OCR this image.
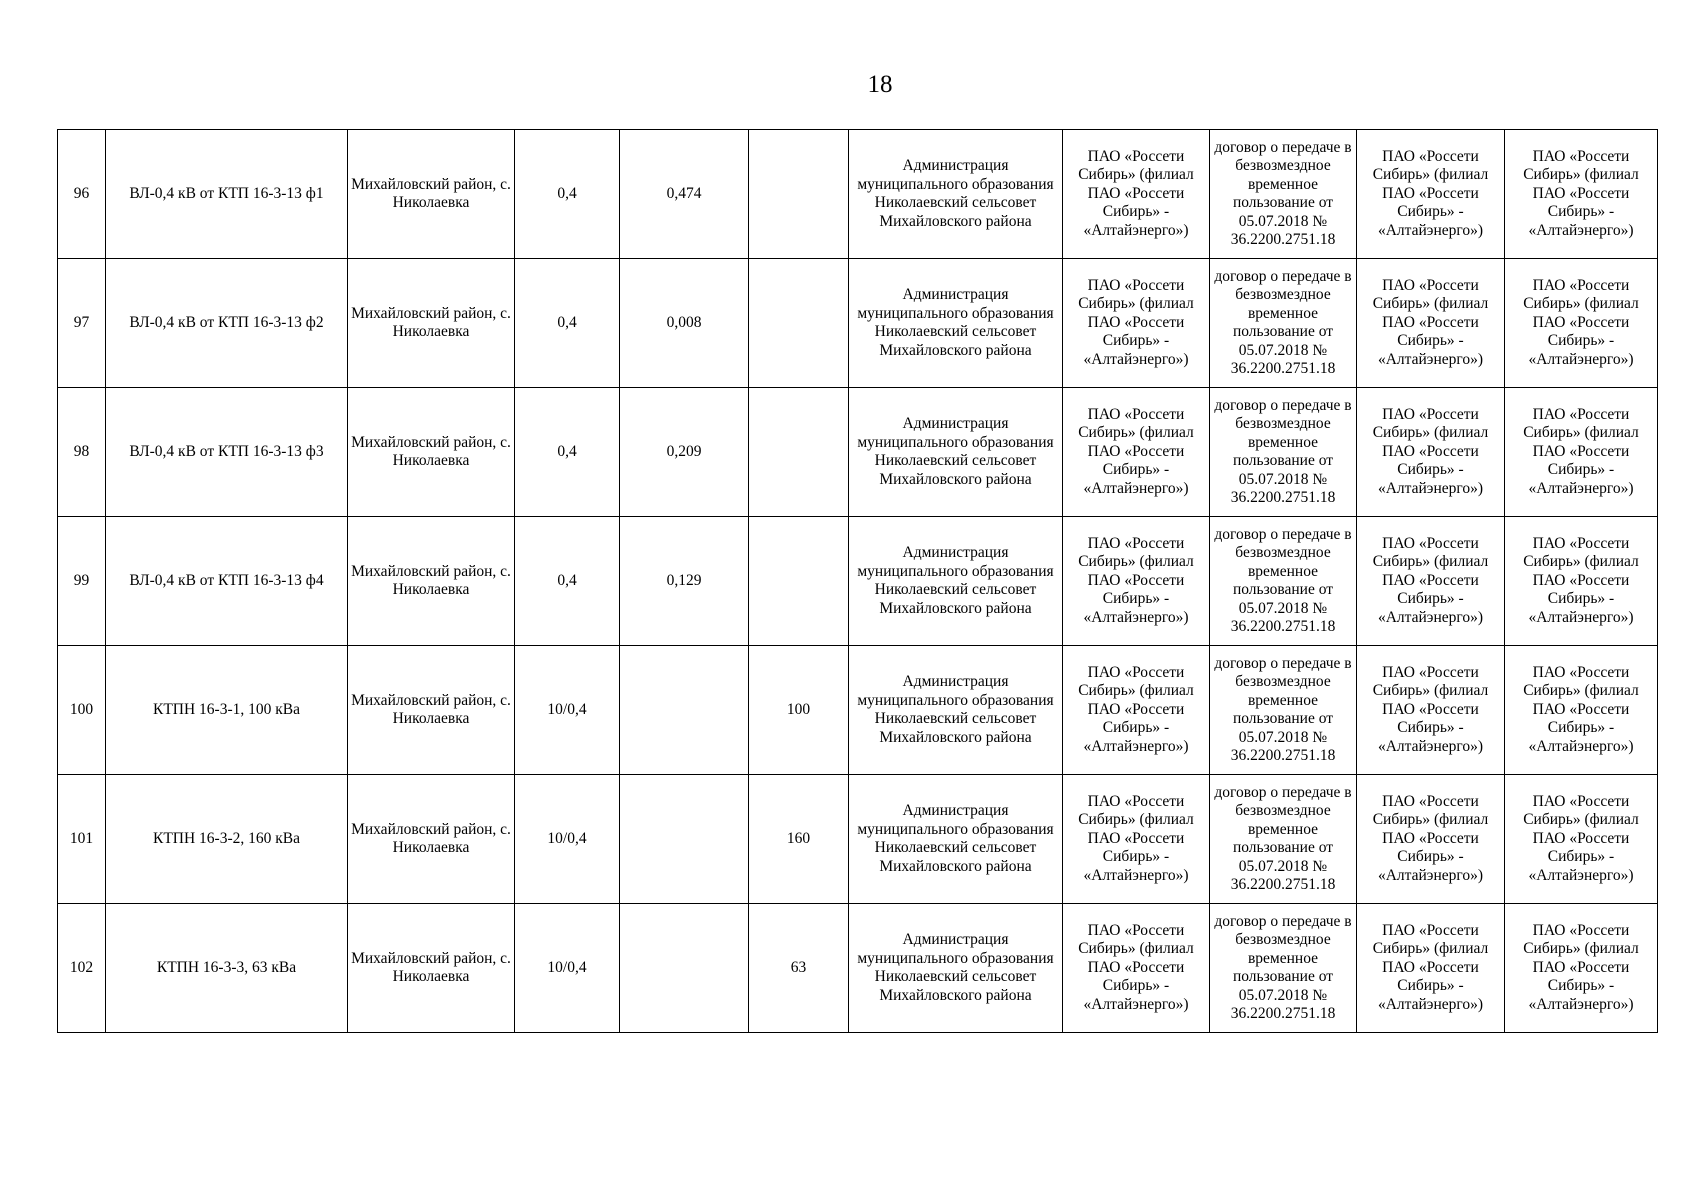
18
96	ВЛ-0,4 кВ от КТП 16-3-13 ф1	Михайловский район, с. Николаевка	0,4	0,474		Администрация муниципального образования Николаевский сельсовет Михайловского района	ПАО «Россети Сибирь» (филиал ПАО «Россети Сибирь» - «Алтайэнерго»)	договор о передаче в безвозмездное временное пользование от 05.07.2018 № 36.2200.2751.18	ПАО «Россети Сибирь» (филиал ПАО «Россети Сибирь» - «Алтайэнерго»)	ПАО «Россети Сибирь» (филиал ПАО «Россети Сибирь» - «Алтайэнерго»)
97	ВЛ-0,4 кВ от КТП 16-3-13 ф2	Михайловский район, с. Николаевка	0,4	0,008		Администрация муниципального образования Николаевский сельсовет Михайловского района	ПАО «Россети Сибирь» (филиал ПАО «Россети Сибирь» - «Алтайэнерго»)	договор о передаче в безвозмездное временное пользование от 05.07.2018 № 36.2200.2751.18	ПАО «Россети Сибирь» (филиал ПАО «Россети Сибирь» - «Алтайэнерго»)	ПАО «Россети Сибирь» (филиал ПАО «Россети Сибирь» - «Алтайэнерго»)
98	ВЛ-0,4 кВ от КТП 16-3-13 ф3	Михайловский район, с. Николаевка	0,4	0,209		Администрация муниципального образования Николаевский сельсовет Михайловского района	ПАО «Россети Сибирь» (филиал ПАО «Россети Сибирь» - «Алтайэнерго»)	договор о передаче в безвозмездное временное пользование от 05.07.2018 № 36.2200.2751.18	ПАО «Россети Сибирь» (филиал ПАО «Россети Сибирь» - «Алтайэнерго»)	ПАО «Россети Сибирь» (филиал ПАО «Россети Сибирь» - «Алтайэнерго»)
99	ВЛ-0,4 кВ от КТП 16-3-13 ф4	Михайловский район, с. Николаевка	0,4	0,129		Администрация муниципального образования Николаевский сельсовет Михайловского района	ПАО «Россети Сибирь» (филиал ПАО «Россети Сибирь» - «Алтайэнерго»)	договор о передаче в безвозмездное временное пользование от 05.07.2018 № 36.2200.2751.18	ПАО «Россети Сибирь» (филиал ПАО «Россети Сибирь» - «Алтайэнерго»)	ПАО «Россети Сибирь» (филиал ПАО «Россети Сибирь» - «Алтайэнерго»)
100	КТПН 16-3-1, 100 кВа	Михайловский район, с. Николаевка	10/0,4		100	Администрация муниципального образования Николаевский сельсовет Михайловского района	ПАО «Россети Сибирь» (филиал ПАО «Россети Сибирь» - «Алтайэнерго»)	договор о передаче в безвозмездное временное пользование от 05.07.2018 № 36.2200.2751.18	ПАО «Россети Сибирь» (филиал ПАО «Россети Сибирь» - «Алтайэнерго»)	ПАО «Россети Сибирь» (филиал ПАО «Россети Сибирь» - «Алтайэнерго»)
101	КТПН 16-3-2, 160 кВа	Михайловский район, с. Николаевка	10/0,4		160	Администрация муниципального образования Николаевский сельсовет Михайловского района	ПАО «Россети Сибирь» (филиал ПАО «Россети Сибирь» - «Алтайэнерго»)	договор о передаче в безвозмездное временное пользование от 05.07.2018 № 36.2200.2751.18	ПАО «Россети Сибирь» (филиал ПАО «Россети Сибирь» - «Алтайэнерго»)	ПАО «Россети Сибирь» (филиал ПАО «Россети Сибирь» - «Алтайэнерго»)
102	КТПН 16-3-3, 63 кВа	Михайловский район, с. Николаевка	10/0,4		63	Администрация муниципального образования Николаевский сельсовет Михайловского района	ПАО «Россети Сибирь» (филиал ПАО «Россети Сибирь» - «Алтайэнерго»)	договор о передаче в безвозмездное временное пользование от 05.07.2018 № 36.2200.2751.18	ПАО «Россети Сибирь» (филиал ПАО «Россети Сибирь» - «Алтайэнерго»)	ПАО «Россети Сибирь» (филиал ПАО «Россети Сибирь» - «Алтайэнерго»)
